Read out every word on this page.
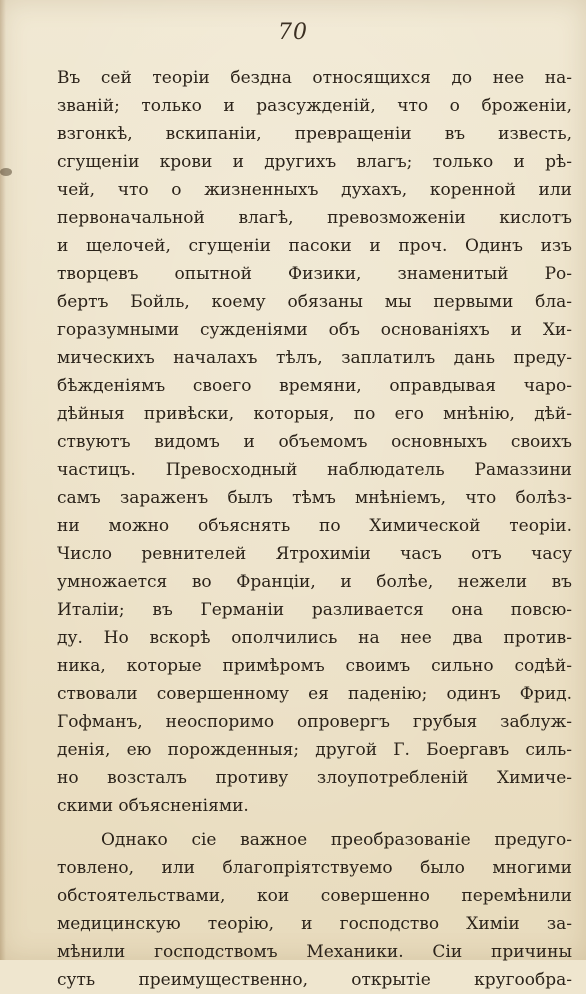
70
Въ сей теоріи бездна относящихся до нее на-
званій; только и разсужденій, что о броженіи,
взгонкѣ, вскипаніи, превращеніи въ известь,
сгущеніи крови и другихъ влагъ; только и рѣ-
чей, что о жизненныхъ духахъ, коренной или
первоначальной влагѣ, превозможеніи кислотъ
и щелочей, сгущеніи пасоки и проч. Одинъ изъ
творцевъ опытной Физики, знаменитый Ро-
бертъ Бойль, коему обязаны мы первыми бла-
горазумными сужденіями объ основаніяхъ и Хи-
мическихъ началахъ тѣлъ, заплатилъ дань преду-
бѣжденіямъ своего времяни, оправдывая чаро-
дѣйныя привѣски, которыя, по его мнѣнію, дѣй-
ствуютъ видомъ и объемомъ основныхъ своихъ
частицъ. Превосходный наблюдатель Рамаззини
самъ зараженъ былъ тѣмъ мнѣніемъ, что болѣз-
ни можно объяснять по Химической теоріи.
Число ревнителей Ятрохиміи часъ отъ часу
умножается во Франціи, и болѣе, нежели въ
Италіи; въ Германіи разливается она повсю-
ду. Но вскорѣ ополчились на нее два против-
ника, которые примѣромъ своимъ сильно содѣй-
ствовали совершенному ея паденію; одинъ Фрид.
Гофманъ, неоспоримо опровергъ грубыя заблуж-
денія, ею порожденныя; другой Г. Боергавъ силь-
но возсталъ противу злоупотребленій Химиче-
скими объясненіями.
Однако сіе важное преобразованіе предуго-
товлено, или благопріятствуемо было многими
обстоятельствами, кои совершенно перемѣнили
медицинскую теорію, и господство Химіи за-
мѣнили господствомъ Механики. Сіи причины
суть преимущественно, открытіе кругообра-
